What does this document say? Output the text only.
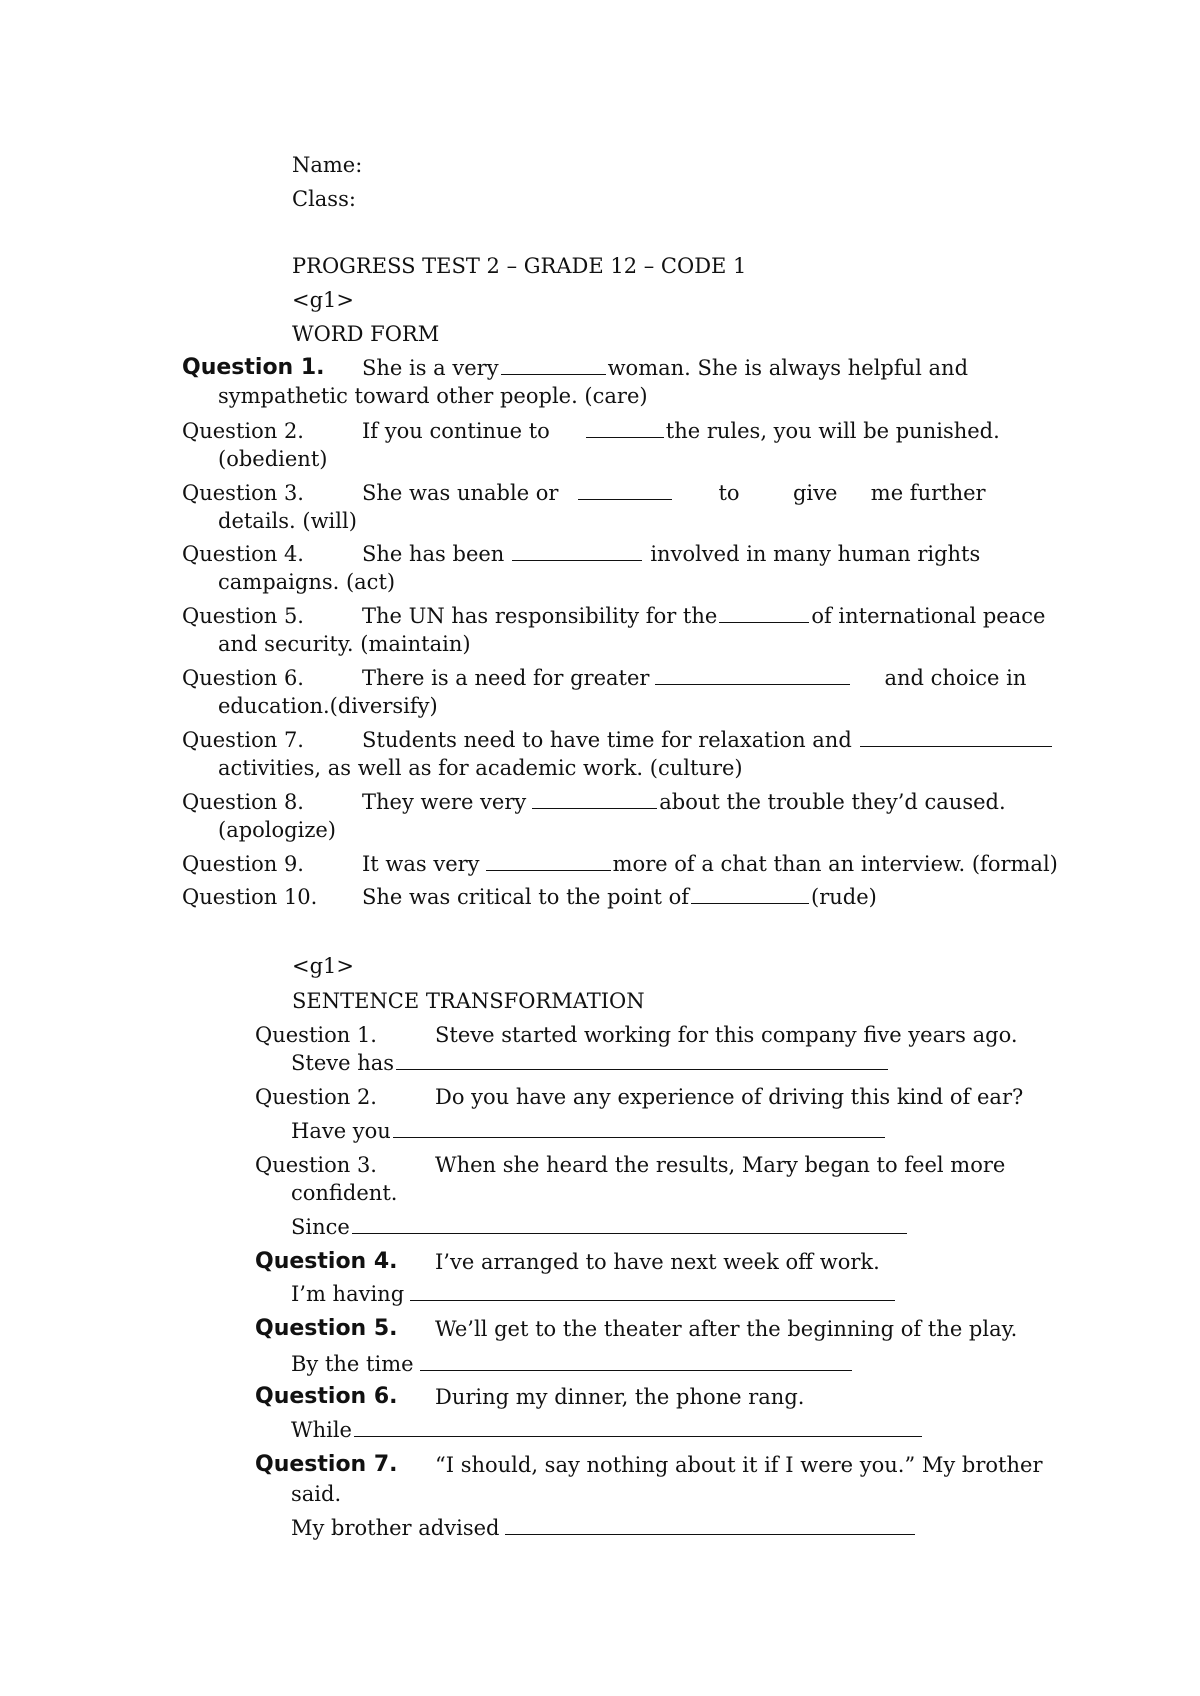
Name:
Class:
PROGRESS TEST 2 – GRADE 12 – CODE 1
<g1>
WORD FORM
Question 1. She is a very	woman. She is always helpful and
sympathetic toward other people. (care)
Question 2.	If you continue to	the rules, you will be punished.
(obedient)
Question 3.	She was unable or	to        give     me further
details. (will)
Question 4.	She has been	involved in many human rights
campaigns. (act)
Question 5.	The UN has responsibility for the	of international peace
and security. (maintain)
Question 6.	There is a need for greater	and choice in
education.(diversify)
Question 7.	Students need to have time for relaxation and
activities, as well as for academic work. (culture)
Question 8.	They were very	about the trouble they’d caused.
(apologize)
Question 9.	It was very	more of a chat than an interview. (formal)
Question 10. She was critical to the point of	(rude)
<g1>
SENTENCE TRANSFORMATION
Question 1.	Steve started working for this company five years ago.
Steve has
Question 2.	Do you have any experience of driving this kind of ear?
Have you
Question 3.	When she heard the results, Mary began to feel more
confident.
Since
Question 4. I’ve arranged to have next week off work.
I’m having
Question 5. We’ll get to the theater after the beginning of the play.
By the time
Question 6. During my dinner, the phone rang.
While
Question 7. “I should, say nothing about it if I were you.” My brother
said.
My brother advised
